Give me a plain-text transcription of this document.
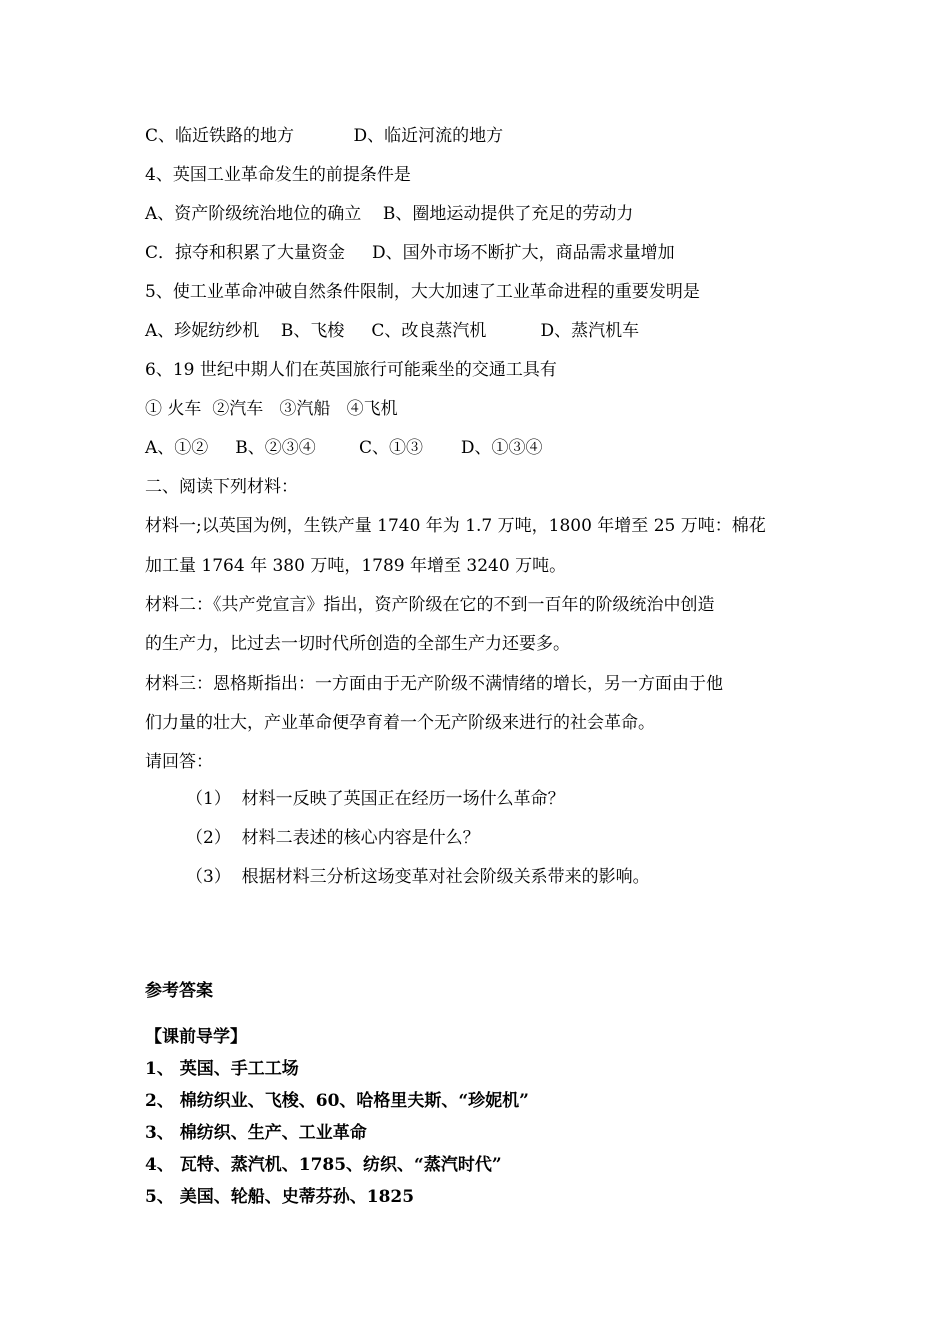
C、临近铁路的地方           D、临近河流的地方
4、英国工业革命发生的前提条件是
A、资产阶级统治地位的确立    B、圈地运动提供了充足的劳动力
C．掠夺和积累了大量资金     D、国外市场不断扩大，商品需求量增加
5、使工业革命冲破自然条件限制，大大加速了工业革命进程的重要发明是
A、珍妮纺纱机    B、飞梭     C、改良蒸汽机          D、蒸汽机车
6、19 世纪中期人们在英国旅行可能乘坐的交通工具有
① 火车  ②汽车   ③汽船   ④飞机
A、①②     B、②③④        C、①③       D、①③④
二、阅读下列材料：
材料一;以英国为例，生铁产量 1740 年为 1.7 万吨，1800 年增至 25 万吨：棉花
加工量 1764 年 380 万吨，1789 年增至 3240 万吨。
材料二：《共产党宣言》指出，资产阶级在它的不到一百年的阶级统治中创造
的生产力，比过去一切时代所创造的全部生产力还要多。
材料三：恩格斯指出：一方面由于无产阶级不满情绪的增长，另一方面由于他
们力量的壮大，产业革命便孕育着一个无产阶级来进行的社会革命。
请回答：
（1）  材料一反映了英国正在经历一场什么革命？
（2）  材料二表述的核心内容是什么？
（3）  根据材料三分析这场变革对社会阶级关系带来的影响。
参考答案
【课前导学】
1、 英国、手工工场
2、 棉纺织业、飞梭、60、哈格里夫斯、“珍妮机”
3、 棉纺织、生产、工业革命
4、 瓦特、蒸汽机、1785、纺织、“蒸汽时代”
5、 美国、轮船、史蒂芬孙、1825
